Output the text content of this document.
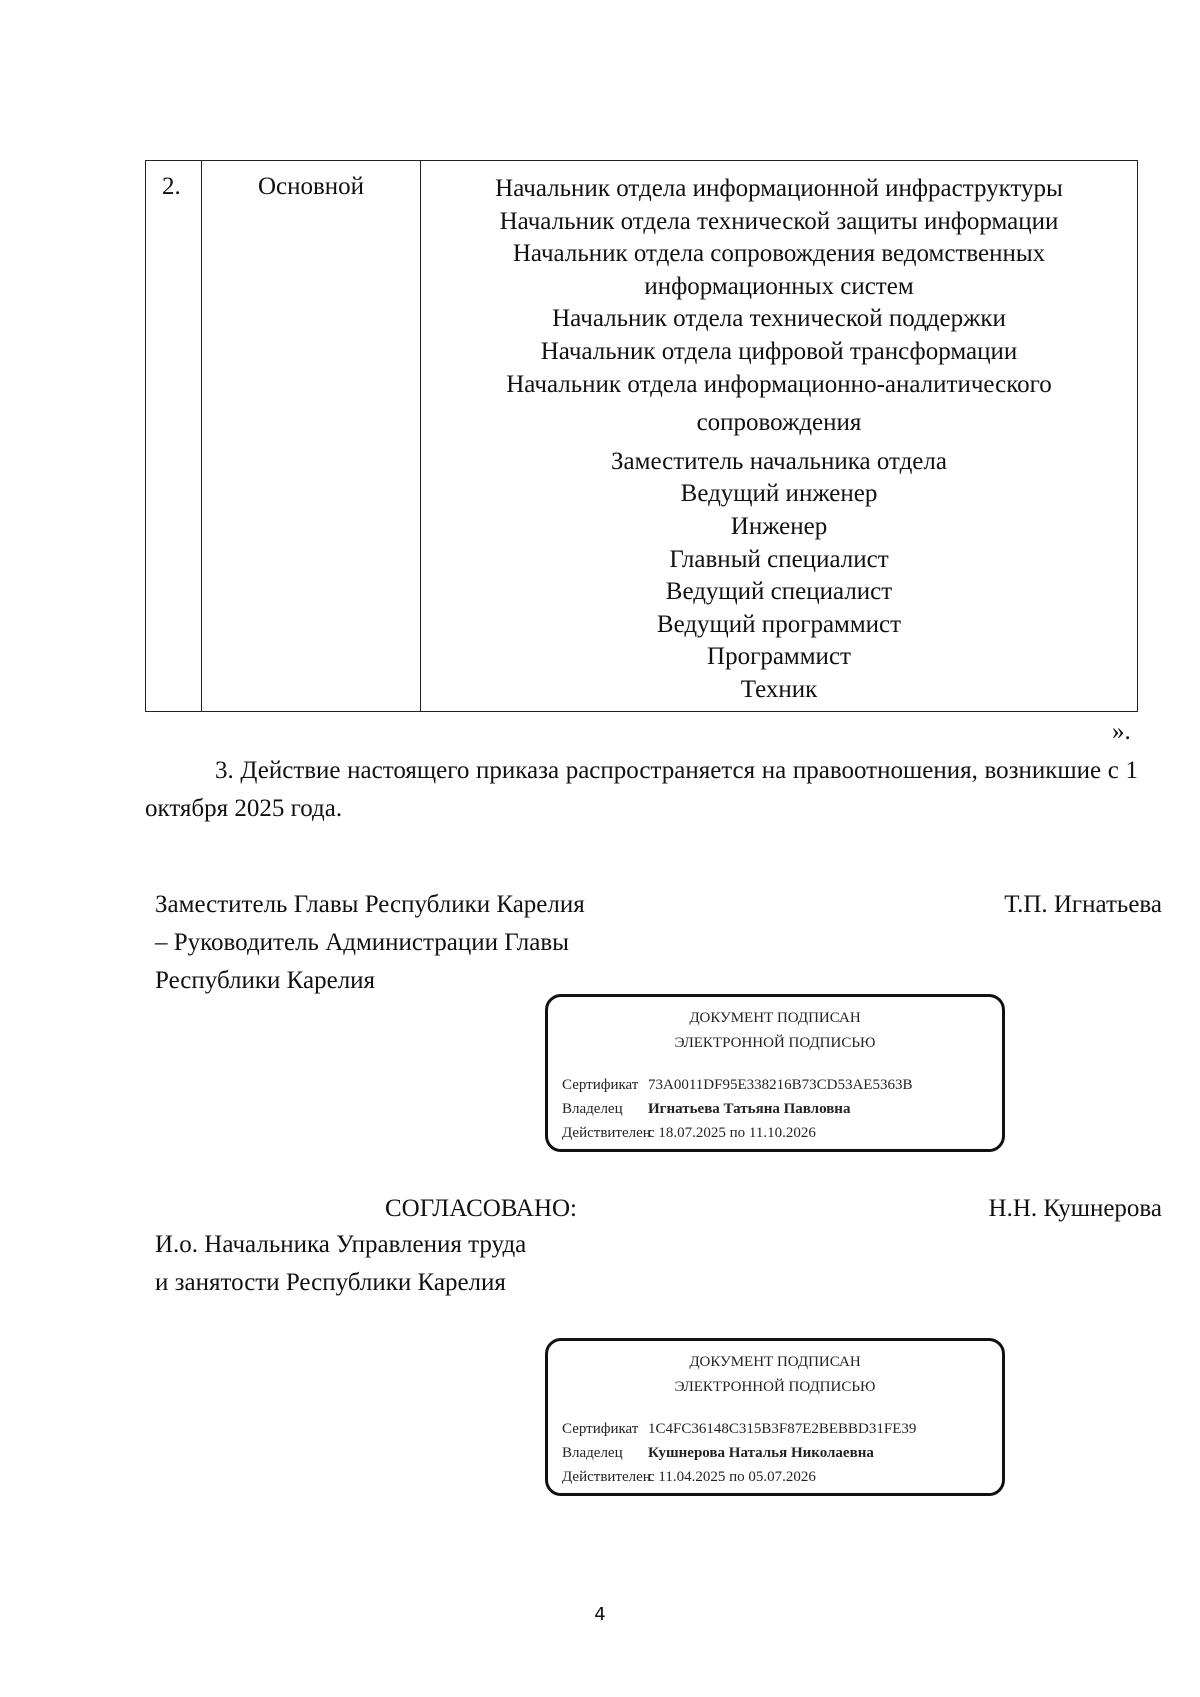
2.	Основной	Начальник отдела информационной инфраструктуры
Начальник отдела технической защиты информации
Начальник отдела сопровождения ведомственных
информационных систем
Начальник отдела технической поддержки
Начальник отдела цифровой трансформации
Начальник отдела информационно-аналитического
сопровождения
Заместитель начальника отдела
Ведущий инженер
Инженер
Главный специалист
Ведущий специалист
Ведущий программист
Программист
Техник
».

3. Действие настоящего приказа распространяется на правоотношения, возникшие с 1 октября 2025 года.

Заместитель Главы Республики Карелия
– Руководитель Администрации Главы
Республики Карелия
Т.П. Игнатьева
ДОКУМЕНТ ПОДПИСАН
ЭЛЕКТРОННОЙ ПОДПИСЬЮ
Сертификат 73A0011DF95E338216B73CD53AE5363B
Владелец Игнатьева Татьяна Павловна
Действителенс 18.07.2025 по 11.10.2026
СОГЛАСОВАНО:	Н.Н. Кушнерова
И.о. Начальника Управления труда
и занятости Республики Карелия
ДОКУМЕНТ ПОДПИСАН
ЭЛЕКТРОННОЙ ПОДПИСЬЮ
Сертификат 1C4FC36148C315B3F87E2BEBBD31FE39
Владелец Кушнерова Наталья Николаевна
Действителенс 11.04.2025 по 05.07.2026
4
